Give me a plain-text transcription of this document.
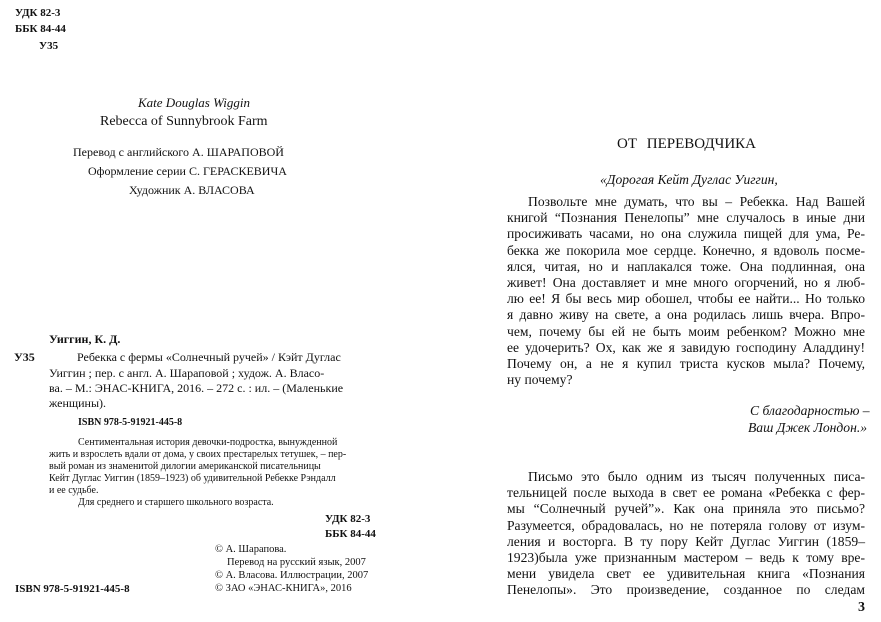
УДК 82-3
ББК 84-44
У35
Kate Douglas Wiggin
Rebecca of Sunnybrook Farm
Перевод с английского А. ШАРАПОВОЙ
Оформление серии С. ГЕРАСКЕВИЧА
Художник А. ВЛАСОВА
Уиггин, К. Д.
У35	Ребекка с фермы «Солнечный ручей» / Кэйт Дуглас
Уиггин ; пер. с англ. А. Шараповой ; худож. А. Власо-
ва. – М.: ЭНАС-КНИГА, 2016. – 272 с. : ил. – (Маленькие
женщины).
ISBN 978-5-91921-445-8
Сентиментальная история девочки-подростка, вынужденной
жить и взрослеть вдали от дома, у своих престарелых тетушек, – пер-
вый роман из знаменитой дилогии американской писательницы
Кейт Дуглас Уиггин (1859–1923) об удивительной Ребекке Рэндалл
и ее судьбе.
Для среднего и старшего школьного возраста.
УДК 82-3
ББК 84-44
© А. Шарапова.
Перевод на русский язык, 2007
© А. Власова. Иллюстрации, 2007
© ЗАО «ЭНАС-КНИГА», 2016
ISBN 978-5-91921-445-8
ОТ ПЕРЕВОДЧИКА
«Дорогая Кейт Дуглас Уиггин,
Позвольте мне думать, что вы – Ребекка. Над Вашей
книгой “Познания Пенелопы” мне случалось в иные дни
просиживать часами, но она служила пищей для ума, Ре-
бекка же покорила мое сердце. Конечно, я вдоволь посме-
ялся, читая, но и наплакался тоже. Она подлинная, она
живет! Она доставляет и мне много огорчений, но я люб-
лю ее! Я бы весь мир обошел, чтобы ее найти... Но только
я давно живу на свете, а она родилась лишь вчера. Впро-
чем, почему бы ей не быть моим ребенком? Можно мне
ее удочерить? Ох, как же я завидую господину Аладдину!
Почему он, а не я купил триста кусков мыла? Почему,
ну почему?
С благодарностью –
Ваш Джек Лондон.»
Письмо это было одним из тысяч полученных писа-
тельницей после выхода в свет ее романа «Ребекка с фер-
мы “Солнечный ручей”». Как она приняла это письмо?
Разумеется, обрадовалась, но не потеряла голову от изум-
ления и восторга. В ту пору Кейт Дуглас Уиггин (1859–
1923)была уже признанным мастером – ведь к тому вре-
мени увидела свет ее удивительная книга «Познания
Пенелопы». Это произведение, созданное по следам
3
